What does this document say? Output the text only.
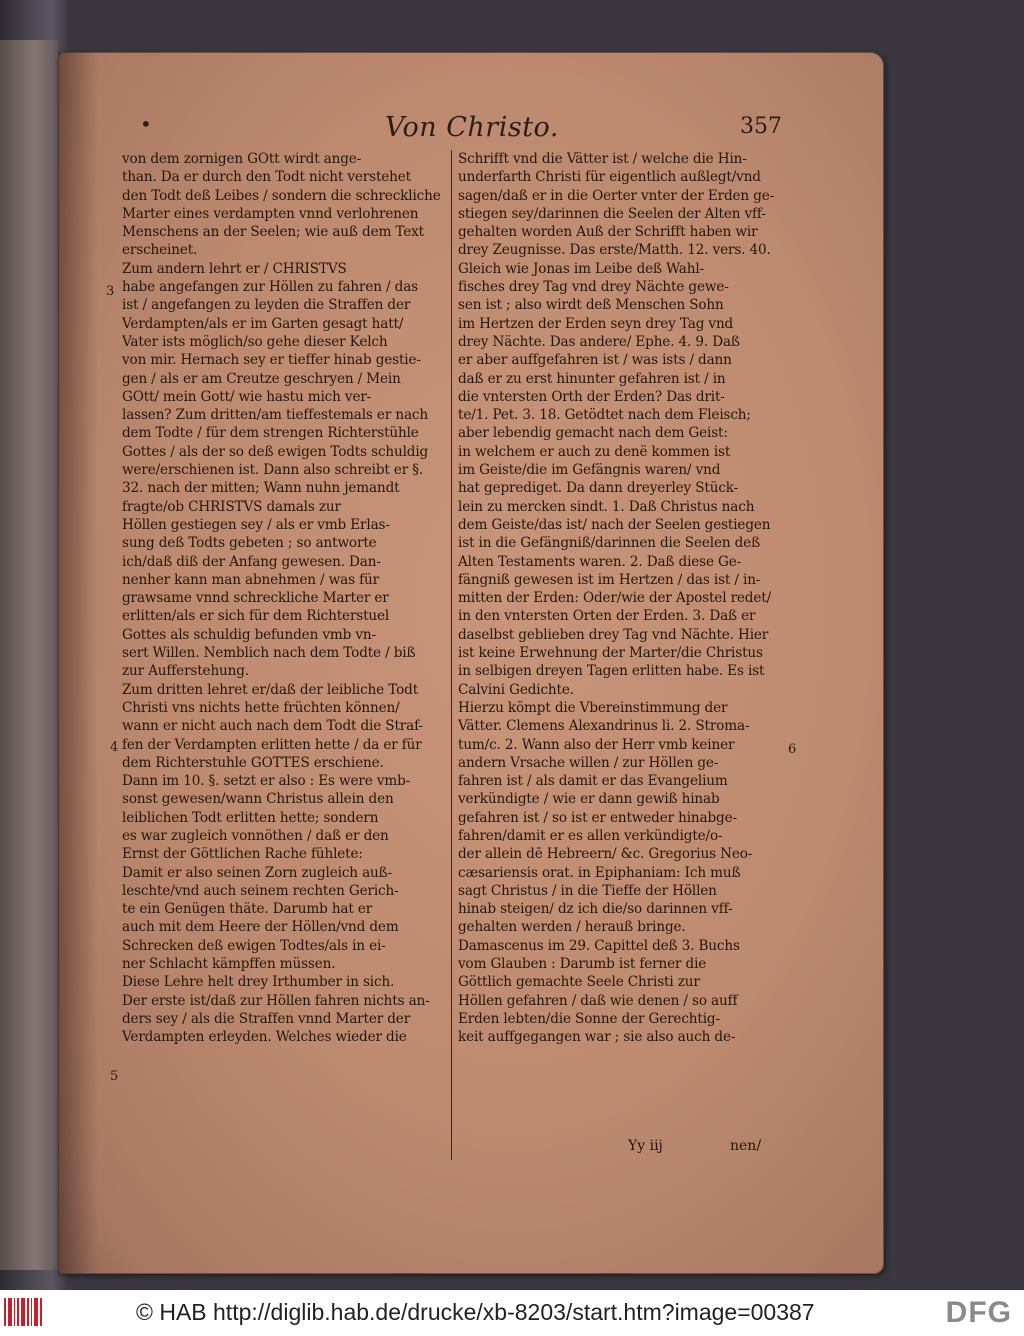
•	Von Christo.	357
von dem zornigen GOtt wirdt ange-
than. Da er durch den Todt nicht verstehet
den Todt deß Leibes / sondern die schreckliche
Marter eines verdampten vnnd verlohrenen
Menschens an der Seelen; wie auß dem Text
erscheinet.
Zum andern lehrt er / CHRISTVS
habe angefangen zur Höllen zu fahren / das
ist / angefangen zu leyden die Straffen der
Verdampten/als er im Garten gesagt hatt/
Vater ists möglich/so gehe dieser Kelch
von mir. Hernach sey er tieffer hinab gestie-
gen / als er am Creutze geschryen / Mein
GOtt/ mein Gott/ wie hastu mich ver-
lassen? Zum dritten/am tieffestemals er nach
dem Todte / für dem strengen Richterstühle
Gottes / als der so deß ewigen Todts schuldig
were/erschienen ist. Dann also schreibt er §.
32. nach der mitten; Wann nuhn jemandt
fragte/ob CHRISTVS damals zur
Höllen gestiegen sey / als er vmb Erlas-
sung deß Todts gebeten ; so antworte
ich/daß diß der Anfang gewesen. Dan-
nenher kann man abnehmen / was für
grawsame vnnd schreckliche Marter er
erlitten/als er sich für dem Richterstuel
Gottes als schuldig befunden vmb vn-
sert Willen. Nemblich nach dem Todte / biß
zur Aufferstehung.
Zum dritten lehret er/daß der leibliche Todt
Christi vns nichts hette früchten können/
wann er nicht auch nach dem Todt die Straf-
fen der Verdampten erlitten hette / da er für
dem Richterstuhle GOTTES erschiene.
Dann im 10. §. setzt er also : Es were vmb-
sonst gewesen/wann Christus allein den
leiblichen Todt erlitten hette; sondern
es war zugleich vonnöthen / daß er den
Ernst der Göttlichen Rache fühlete:
Damit er also seinen Zorn zugleich auß-
leschte/vnd auch seinem rechten Gerich-
te ein Genügen thäte. Darumb hat er
auch mit dem Heere der Höllen/vnd dem
Schrecken deß ewigen Todtes/als in ei-
ner Schlacht kämpffen müssen.
Diese Lehre helt drey Irthumber in sich.
Der erste ist/daß zur Höllen fahren nichts an-
ders sey / als die Straffen vnnd Marter der
Verdampten erleyden. Welches wieder die
Schrifft vnd die Vätter ist / welche die Hin-
underfarth Christi für eigentlich außlegt/vnd
sagen/daß er in die Oerter vnter der Erden ge-
stiegen sey/darinnen die Seelen der Alten vff-
gehalten worden Auß der Schrifft haben wir
drey Zeugnisse. Das erste/Matth. 12. vers. 40.
Gleich wie Jonas im Leibe deß Wahl-
fisches drey Tag vnd drey Nächte gewe-
sen ist ; also wirdt deß Menschen Sohn
im Hertzen der Erden seyn drey Tag vnd
drey Nächte. Das andere/ Ephe. 4. 9. Daß
er aber auffgefahren ist / was ists / dann
daß er zu erst hinunter gefahren ist / in
die vntersten Orth der Erden? Das drit-
te/1. Pet. 3. 18. Getödtet nach dem Fleisch;
aber lebendig gemacht nach dem Geist:
in welchem er auch zu denë kommen ist
im Geiste/die im Gefängnis waren/ vnd
hat geprediget. Da dann dreyerley Stück-
lein zu mercken sindt. 1. Daß Christus nach
dem Geiste/das ist/ nach der Seelen gestiegen
ist in die Gefängniß/darinnen die Seelen deß
Alten Testaments waren. 2. Daß diese Ge-
fängniß gewesen ist im Hertzen / das ist / in-
mitten der Erden: Oder/wie der Apostel redet/
in den vntersten Orten der Erden. 3. Daß er
daselbst geblieben drey Tag vnd Nächte. Hier
ist keine Erwehnung der Marter/die Christus
in selbigen dreyen Tagen erlitten habe. Es ist
Calvini Gedichte.
Hierzu kömpt die Vbereinstimmung der
Vätter. Clemens Alexandrinus li. 2. Stroma-
tum/c. 2. Wann also der Herr vmb keiner
andern Vrsache willen / zur Höllen ge-
fahren ist / als damit er das Evangelium
verkündigte / wie er dann gewiß hinab
gefahren ist / so ist er entweder hinabge-
fahren/damit er es allen verkündigte/o-
der allein dē Hebreern/ &c. Gregorius Neo-
cæsariensis orat. in Epiphaniam: Ich muß
sagt Christus / in die Tieffe der Höllen
hinab steigen/ dz ich die/so darinnen vff-
gehalten werden / herauß bringe.
Damascenus im 29. Capittel deß 3. Buchs
vom Glauben : Darumb ist ferner die
Göttlich gemachte Seele Christi zur
Höllen gefahren / daß wie denen / so auff
Erden lebten/die Sonne der Gerechtig-
keit auffgegangen war ; sie also auch de-
3
4
5
6
Yy iij	nen/
© HAB http://diglib.hab.de/drucke/xb-8203/start.htm?image=00387	DFG
